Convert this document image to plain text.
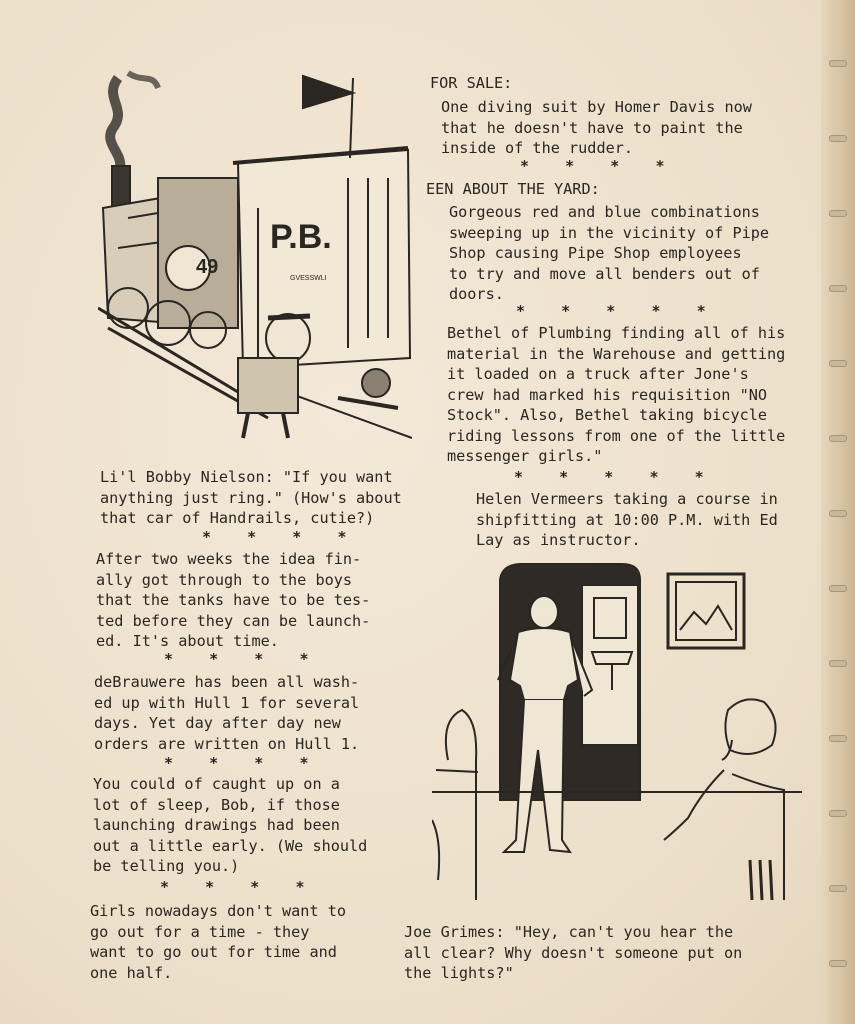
P.B.
49
GVESSWLI
FOR SALE:
One diving suit by Homer Davis now
that he doesn't have to paint the
inside of the rudder.
*    *    *    *
EEN ABOUT THE YARD:
Gorgeous red and blue combinations
sweeping up in the vicinity of Pipe
Shop causing Pipe Shop employees
to try and move all benders out of
doors.
*    *    *    *    *
Bethel of Plumbing finding all of his
material in the Warehouse and getting
it loaded on a truck after Jone's
crew had marked his requisition "NO
Stock". Also, Bethel taking bicycle
riding lessons from one of the little
messenger girls."
*    *    *    *    *
Helen Vermeers taking a course in
shipfitting at 10:00 P.M. with Ed
Lay as instructor.
Li'l Bobby Nielson: "If you want
anything just ring." (How's about
that car of Handrails, cutie?)
*    *    *    *
After two weeks the idea fin-
ally got through to the boys
that the tanks have to be tes-
ted before they can be launch-
ed. It's about time.
*    *    *    *
deBrauwere has been all wash-
ed up with Hull 1 for several
days. Yet day after day new
orders are written on Hull 1.
*    *    *    *
You could of caught up on a
lot of sleep, Bob, if those
launching drawings had been
out a little early. (We should
be telling you.)
*    *    *    *
Girls nowadays don't want to
go out for a time - they
want to go out for time and
one half.
Joe Grimes: "Hey, can't you hear the
all clear? Why doesn't someone put on
the lights?"
